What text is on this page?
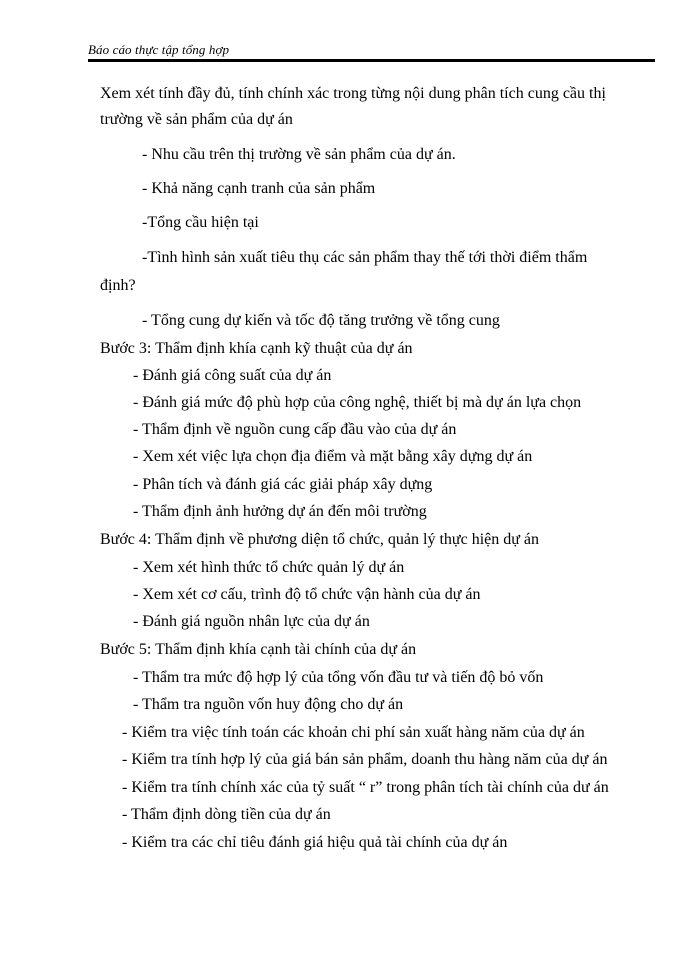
Báo cáo thực tập tổng hợp
Xem xét tính đầy đủ, tính chính xác trong từng nội dung phân tích cung cầu thị
trường về sản phẩm của dự án
- Nhu cầu trên thị trường về sản phẩm của dự án.
- Khả năng cạnh tranh của sản phẩm
-Tổng cầu hiện tại
-Tình hình sản xuất tiêu thụ các sản phẩm thay thế tới thời điểm thẩm
định?
- Tổng cung dự kiến và tốc độ tăng trưởng về tổng cung
Bước 3: Thẩm định khía cạnh kỹ thuật của dự án
- Đánh giá công suất của dự án
- Đánh giá mức độ phù hợp của công nghệ, thiết bị mà dự án lựa chọn
- Thẩm định về nguồn cung cấp đầu vào của dự án
- Xem xét việc lựa chọn địa điểm và mặt bằng xây dựng dự án
- Phân tích và đánh giá các giải pháp xây dựng
- Thẩm định ảnh hưởng dự án đến môi trường
Bước 4: Thẩm định về phương diện tổ chức, quản lý thực hiện dự án
- Xem xét hình thức tổ chức quản lý dự án
- Xem xét cơ cấu, trình độ tổ chức vận hành của dự án
- Đánh giá nguồn nhân lực của dự án
Bước 5: Thẩm định khía cạnh tài chính của dự án
- Thẩm tra mức độ hợp lý của tổng vốn đầu tư và tiến độ bỏ vốn
- Thẩm tra nguồn vốn huy động cho dự án
- Kiểm tra việc tính toán các khoản chi phí sản xuất hàng năm của dự án
- Kiểm tra tính hợp lý của giá bán sản phẩm, doanh thu hàng năm của dự án
- Kiểm tra tính chính xác của tỷ suất “ r” trong phân tích tài chính của dư án
- Thẩm định dòng tiền của dự án
- Kiểm tra các chỉ tiêu đánh giá hiệu quả tài chính của dự án
